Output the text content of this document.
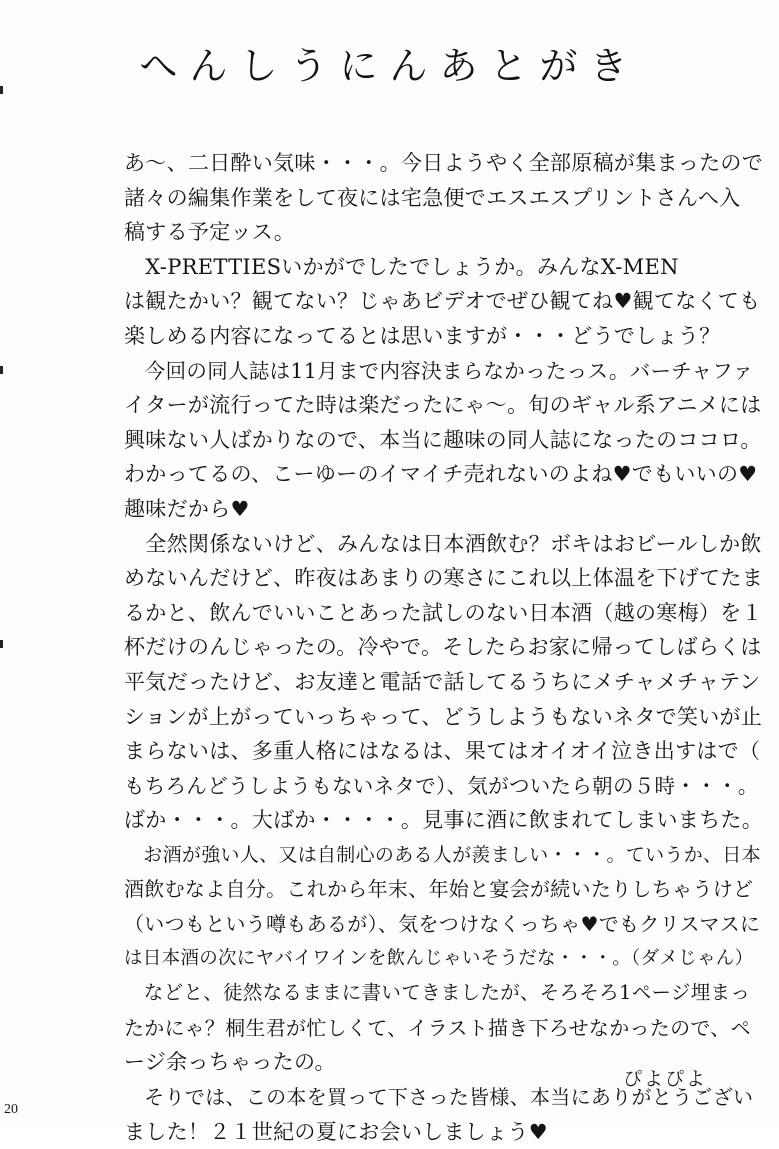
へんしうにんあとがき
あ〜、二日酔い気味・・・。今日ようやく全部原稿が集まったので
諸々の編集作業をして夜には宅急便でエスエスプリントさんへ入
稿する予定ッス。
　X-PRETTIESいかがでしたでしょうか。みんなX-MEN
は観たかい？観てない？じゃあビデオでぜひ観てね♥観てなくても
楽しめる内容になってるとは思いますが・・・どうでしょう？
　今回の同人誌は11月まで内容決まらなかったっス。バーチャファ
イターが流行ってた時は楽だったにゃ〜。旬のギャル系アニメには
興味ない人ばかりなので、本当に趣味の同人誌になったのココロ。
わかってるの、こーゆーのイマイチ売れないのよね♥でもいいの♥
趣味だから♥
　全然関係ないけど、みんなは日本酒飲む？ボキはおビールしか飲
めないんだけど、昨夜はあまりの寒さにこれ以上体温を下げてたま
るかと、飲んでいいことあった試しのない日本酒（越の寒梅）を１
杯だけのんじゃったの。冷やで。そしたらお家に帰ってしばらくは
平気だったけど、お友達と電話で話してるうちにメチャメチャテン
ションが上がっていっちゃって、どうしようもないネタで笑いが止
まらないは、多重人格にはなるは、果てはオイオイ泣き出すはで（
もちろんどうしようもないネタで）、気がついたら朝の５時・・・。
ばか・・・。大ばか・・・・。見事に酒に飲まれてしまいまちた。
　お酒が強い人、又は自制心のある人が羨ましい・・・。ていうか、日本
酒飲むなよ自分。これから年末、年始と宴会が続いたりしちゃうけど
（いつもという噂もあるが）、気をつけなくっちゃ♥でもクリスマスに
は日本酒の次にヤバイワインを飲んじゃいそうだな・・・。（ダメじゃん）
　などと、徒然なるままに書いてきましたが、そろそろ1ページ埋まっ
たかにゃ？桐生君が忙しくて、イラスト描き下ろせなかったので、ペ
ージ余っちゃったの。
　そりでは、この本を買って下さった皆様、本当にありがとうござい
ました！２１世紀の夏にお会いしましょう♥
ぴよぴよ
20
